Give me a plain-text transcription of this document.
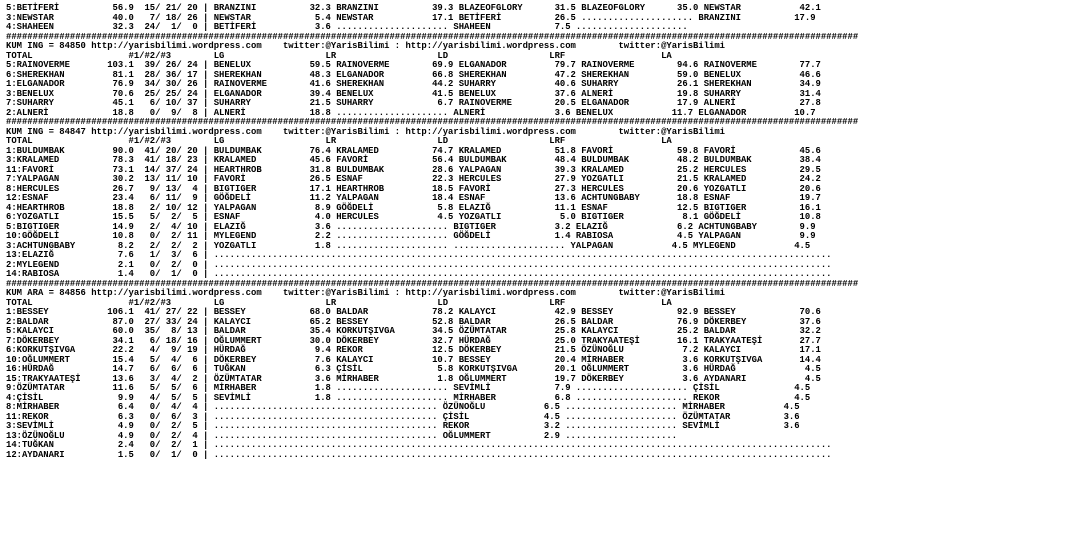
5:BETİFERİ          56.9  15/ 21/ 20 | BRANZINI          32.3 BRANZINI          39.3 BLAZEOFGLORY      31.5 BLAZEOFGLORY      35.0 NEWSTAR           42.1
3:NEWSTAR           40.0   7/ 18/ 26 | NEWSTAR            5.4 NEWSTAR           17.1 BETİFERİ          26.5 ..................... BRANZINI          17.9
4:SHAHEEN           32.3  24/  1/  0 | BETİFERİ           3.6 ..................... SHAHEEN            7.5 .....................
################################################################################################################################################################
KUM ING = 84850 http://yarisbilimi.wordpress.com    twitter:@YarisBilimi : http://yarisbilimi.wordpress.com        twitter:@YarisBilimi
TOTAL                  #1/#2/#3        LG                   LR                   LD                   LRF                  LA
5:RAINOVERME       103.1  39/ 26/ 24 | BENELUX           59.5 RAINOVERME        69.9 ELGANADOR         79.7 RAINOVERME        94.6 RAINOVERME        77.7
6:SHEREKHAN         81.1  28/ 36/ 17 | SHEREKHAN         48.3 ELGANADOR         66.8 SHEREKHAN         47.2 SHEREKHAN         59.0 BENELUX           46.6
1:ELGANADOR         76.9  34/ 30/ 26 | RAINOVERME        41.6 SHEREKHAN         44.2 SUHARRY           40.6 SUHARRY           26.1 SHEREKHAN         34.9
3:BENELUX           70.6  25/ 25/ 24 | ELGANADOR         39.4 BENELUX           41.5 BENELUX           37.6 ALNERİ            19.8 SUHARRY           31.4
7:SUHARRY           45.1   6/ 10/ 37 | SUHARRY           21.5 SUHARRY            6.7 RAINOVERME        20.5 ELGANADOR         17.9 ALNERİ            27.8
2:ALNERİ            18.8   0/  9/  8 | ALNERİ            18.8 ..................... ALNERİ             3.6 BENELUX           11.7 ELGANADOR         10.7
################################################################################################################################################################
KUM ING = 84847 http://yarisbilimi.wordpress.com    twitter:@YarisBilimi : http://yarisbilimi.wordpress.com        twitter:@YarisBilimi
TOTAL                  #1/#2/#3        LG                   LR                   LD                   LRF                  LA
1:BULDUMBAK         90.0  41/ 20/ 20 | BULDUMBAK         76.4 KRALAMED          74.7 KRALAMED          51.8 FAVORİ            59.8 FAVORİ            45.6
3:KRALAMED          78.3  41/ 18/ 23 | KRALAMED          45.6 FAVORİ            56.4 BULDUMBAK         48.4 BULDUMBAK         48.2 BULDUMBAK         38.4
11:FAVORİ           73.1  14/ 37/ 24 | HEARTHROB         31.8 BULDUMBAK         28.6 YALPAGAN          39.3 KRALAMED          25.2 HERCULES          29.5
7:YALPAGAN          30.2  13/ 11/ 10 | FAVORİ            26.5 ESNAF             22.3 HERCULES          27.9 YOZGATLI          21.5 KRALAMED          24.2
8:HERCULES          26.7   9/ 13/  4 | BIGTIGER          17.1 HEARTHROB         18.5 FAVORİ            27.3 HERCULES          20.6 YOZGATLI          20.6
12:ESNAF            23.4   6/ 11/  9 | GÖĞDELİ           11.2 YALPAGAN          18.4 ESNAF             13.6 ACHTUNGBABY       18.8 ESNAF             19.7
4:HEARTHROB         18.8   2/ 10/ 12 | YALPAGAN           8.9 GÖĞDELİ            5.8 ELAZIĞ            11.1 ESNAF             12.5 BIGTIGER          16.1
6:YOZGATLI          15.5   5/  2/  5 | ESNAF              4.0 HERCULES           4.5 YOZGATLI           5.0 BIGTIGER           8.1 GÖĞDELİ           10.8
5:BIGTIGER          14.9   2/  4/ 10 | ELAZIĞ             3.6 ..................... BIGTIGER           3.2 ELAZIĞ             6.2 ACHTUNGBABY        9.9
10:GÖĞDELİ          10.8   0/  2/ 11 | MYLEGEND           2.2 ..................... GÖĞDELİ            1.4 RABIOSA            4.5 YALPAGAN           9.9
3:ACHTUNGBABY        8.2   2/  2/  2 | YOZGATLI           1.8 ..................... ..................... YALPAGAN           4.5 MYLEGEND           4.5
13:ELAZIĞ            7.6   1/  3/  6 | ....................................................................................................................
2:MYLEGEND           2.1   0/  2/  0 | ....................................................................................................................
14:RABIOSA           1.4   0/  1/  0 | ....................................................................................................................
################################################################################################################################################################
KUM ARA = 84856 http://yarisbilimi.wordpress.com    twitter:@YarisBilimi : http://yarisbilimi.wordpress.com        twitter:@YarisBilimi
TOTAL                  #1/#2/#3        LG                   LR                   LD                   LRF                  LA
1:BESSEY           106.1  41/ 27/ 22 | BESSEY            68.0 BALDAR            78.2 KALAYCI           42.9 BESSEY            92.9 BESSEY            70.6
2:BALDAR            87.0  27/ 33/ 24 | KALAYCI           65.2 BESSEY            52.8 BALDAR            26.5 BALDAR            76.9 DÖKERBEY          37.6
5:KALAYCI           60.0  35/  8/ 13 | BALDAR            35.4 KORKUTŞIVGA       34.5 ÖZÜMTATAR         25.8 KALAYCI           25.2 BALDAR            32.2
7:DÖKERBEY          34.1   6/ 18/ 16 | OĞLUMMERT         30.0 DÖKERBEY          32.7 HÜRDAĞ            25.0 TRAKYAATEŞİ       16.1 TRAKYAATEŞİ       27.7
6:KORKUTŞIVGA       22.2   4/  9/ 19 | HÜRDAĞ             9.4 REKOR             12.5 DÖKERBEY          21.5 ÖZÜNOĞLU           7.2 KALAYCI           17.1
10:OĞLUMMERT        15.4   5/  4/  6 | DÖKERBEY           7.6 KALAYCI           10.7 BESSEY            20.4 MİRHABER           3.6 KORKUTŞIVGA       14.4
16:HÜRDAĞ           14.7   6/  6/  6 | TUĞKAN             6.3 ÇİSİL              5.8 KORKUTŞIVGA       20.1 OĞLUMMERT          3.6 HÜRDAĞ             4.5
15:TRAKYAATEŞİ      13.6   3/  4/  2 | ÖZÜMTATAR          3.6 MİRHABER           1.8 OĞLUMMERT         19.7 DÖKERBEY           3.6 AYDANARI           4.5
9:ÖZÜMTATAR         11.6   5/  5/  6 | MİRHABER           1.8 ..................... SEVİMLİ            7.9 ..................... ÇİSİL              4.5
4:ÇİSİL              9.9   4/  5/  5 | SEVİMLİ            1.8 ..................... MİRHABER           6.8 ..................... REKOR              4.5
8:MİRHABER           6.4   0/  4/  4 | .......................................... ÖZÜNOĞLU           6.5 ..................... MİRHABER           4.5
11:REKOR             6.3   0/  6/  3 | .......................................... ÇİSİL              4.5 ..................... ÖZÜMTATAR          3.6
3:SEVİMLİ            4.9   0/  2/  5 | .......................................... REKOR              3.2 ..................... SEVİMLİ            3.6
13:ÖZÜNOĞLU          4.9   0/  2/  4 | .......................................... OĞLUMMERT          2.9 .....................
14:TUĞKAN            2.4   0/  2/  1 | ....................................................................................................................
12:AYDANARI          1.5   0/  1/  0 | ....................................................................................................................
